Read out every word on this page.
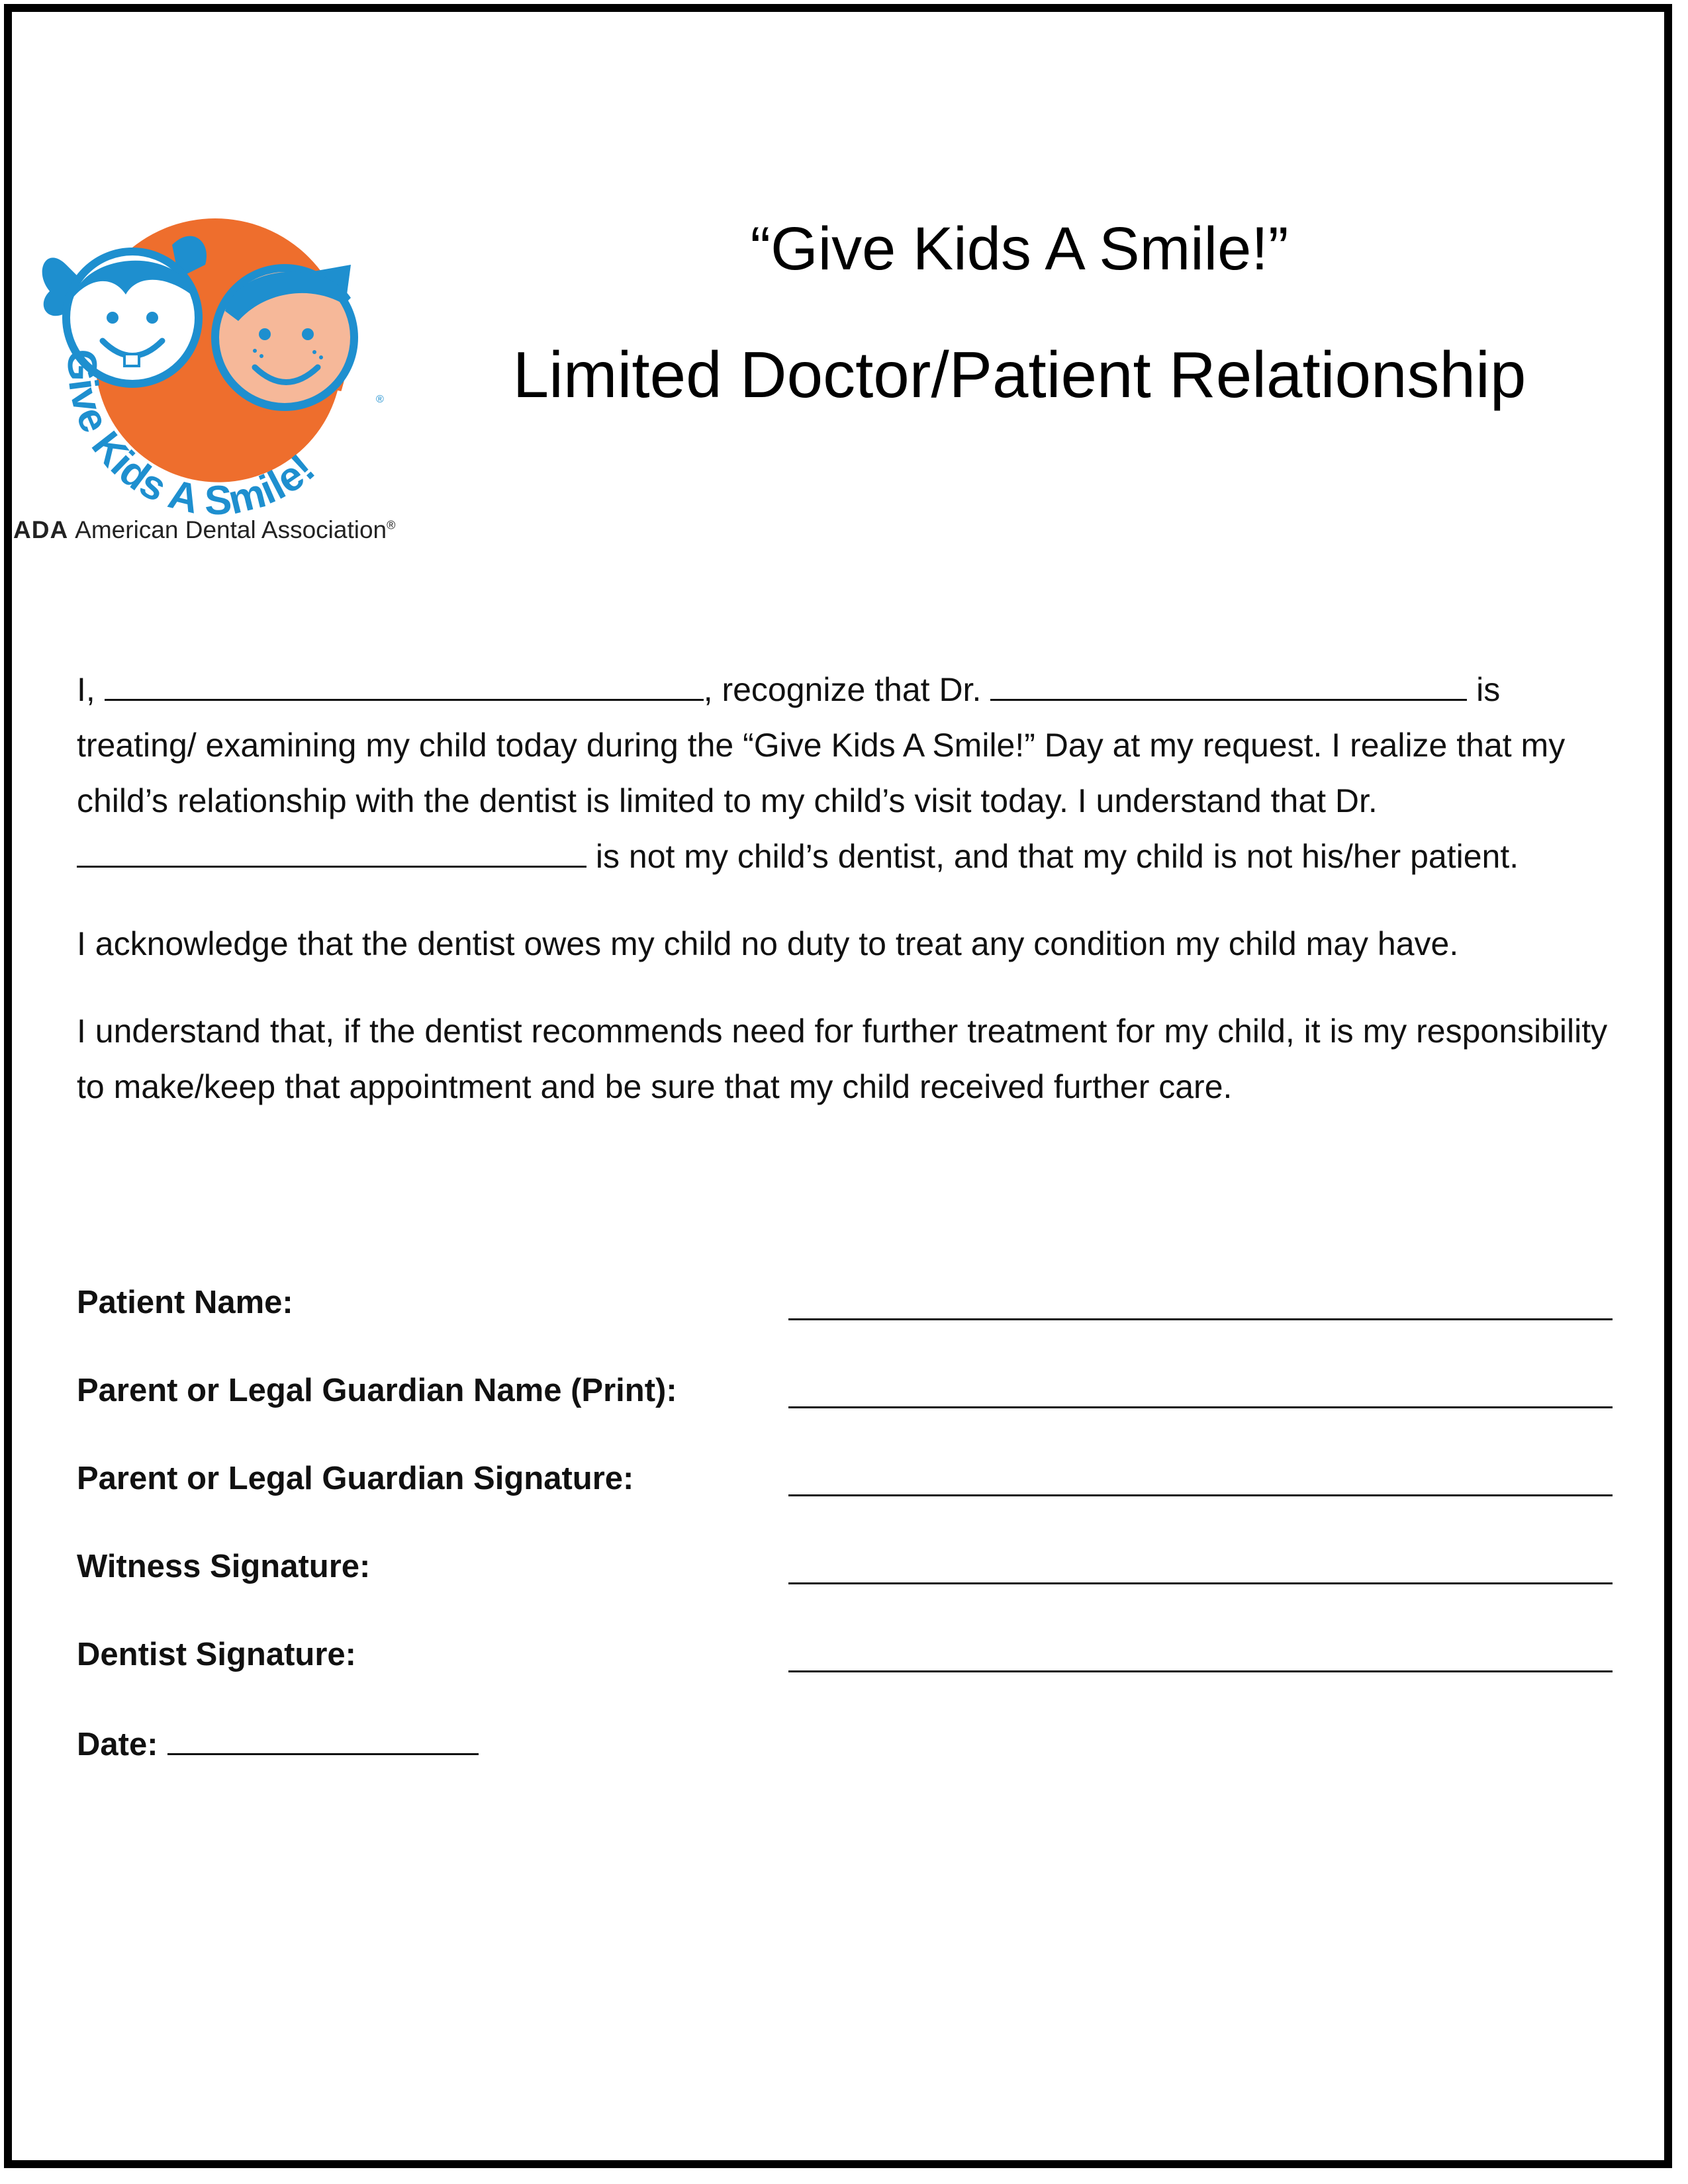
Give Kids A Smile!
®
ADA American Dental Association®
“Give Kids A Smile!”
Limited Doctor/Patient Relationship

I,	, recognize that Dr.	is treating/ examining my child today during the “Give Kids A Smile!” Day at my request. I realize that my child’s relationship with the dentist is limited to my child’s visit today. I understand that Dr.  is not my child’s dentist, and that my child is not his/her patient.

I acknowledge that the dentist owes my child no duty to treat any condition my child may have.

I understand that, if the dentist recommends need for further treatment for my child, it is my responsibility to make/keep that appointment and be sure that my child received further care.

Patient Name:
Parent or Legal Guardian Name (Print):
Parent or Legal Guardian Signature:
Witness Signature:
Dentist Signature:
Date:
